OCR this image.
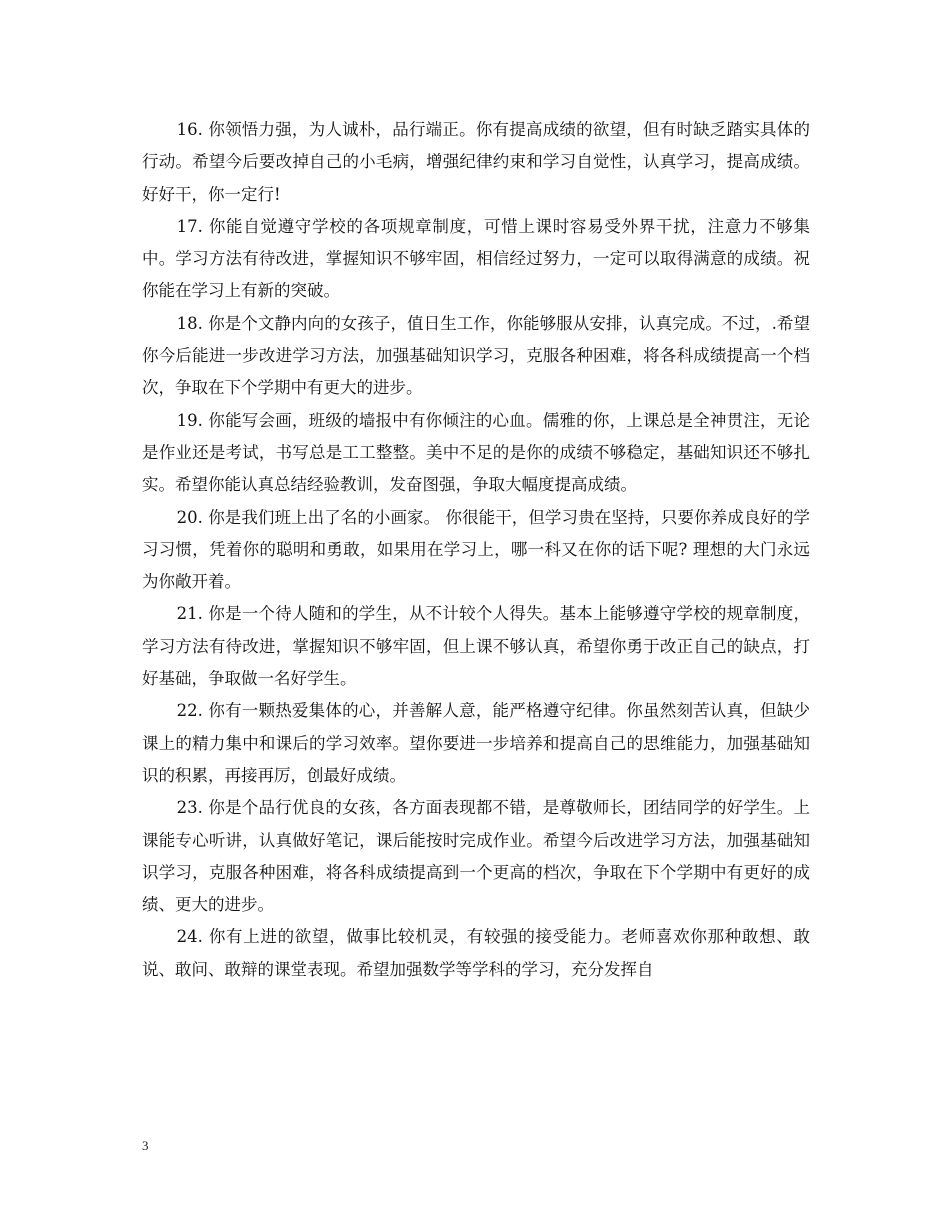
16. 你领悟力强，为人诚朴，品行端正。你有提高成绩的欲望，但有时缺乏踏实具体的行动。希望今后要改掉自己的小毛病，增强纪律约束和学习自觉性，认真学习，提高成绩。好好干，你一定行!

17. 你能自觉遵守学校的各项规章制度，可惜上课时容易受外界干扰，注意力不够集中。学习方法有待改进，掌握知识不够牢固，相信经过努力，一定可以取得满意的成绩。祝你能在学习上有新的突破。

18. 你是个文静内向的女孩子，值日生工作，你能够服从安排，认真完成。不过，.希望你今后能进一步改进学习方法，加强基础知识学习，克服各种困难，将各科成绩提高一个档次，争取在下个学期中有更大的进步。

19. 你能写会画，班级的墙报中有你倾注的心血。儒雅的你，上课总是全神贯注，无论是作业还是考试，书写总是工工整整。美中不足的是你的成绩不够稳定，基础知识还不够扎实。希望你能认真总结经验教训，发奋图强，争取大幅度提高成绩。

20. 你是我们班上出了名的小画家。 你很能干，但学习贵在坚持，只要你养成良好的学习习惯，凭着你的聪明和勇敢，如果用在学习上，哪一科又在你的话下呢? 理想的大门永远为你敞开着。

21. 你是一个待人随和的学生，从不计较个人得失。基本上能够遵守学校的规章制度，学习方法有待改进，掌握知识不够牢固，但上课不够认真，希望你勇于改正自己的缺点，打好基础，争取做一名好学生。

22. 你有一颗热爱集体的心，并善解人意，能严格遵守纪律。你虽然刻苦认真，但缺少课上的精力集中和课后的学习效率。望你要进一步培养和提高自己的思维能力，加强基础知识的积累，再接再厉，创最好成绩。

23. 你是个品行优良的女孩，各方面表现都不错，是尊敬师长，团结同学的好学生。上课能专心听讲，认真做好笔记，课后能按时完成作业。希望今后改进学习方法，加强基础知识学习，克服各种困难，将各科成绩提高到一个更高的档次，争取在下个学期中有更好的成绩、更大的进步。

24. 你有上进的欲望，做事比较机灵，有较强的接受能力。老师喜欢你那种敢想、敢说、敢问、敢辩的课堂表现。希望加强数学等学科的学习，充分发挥自

3
